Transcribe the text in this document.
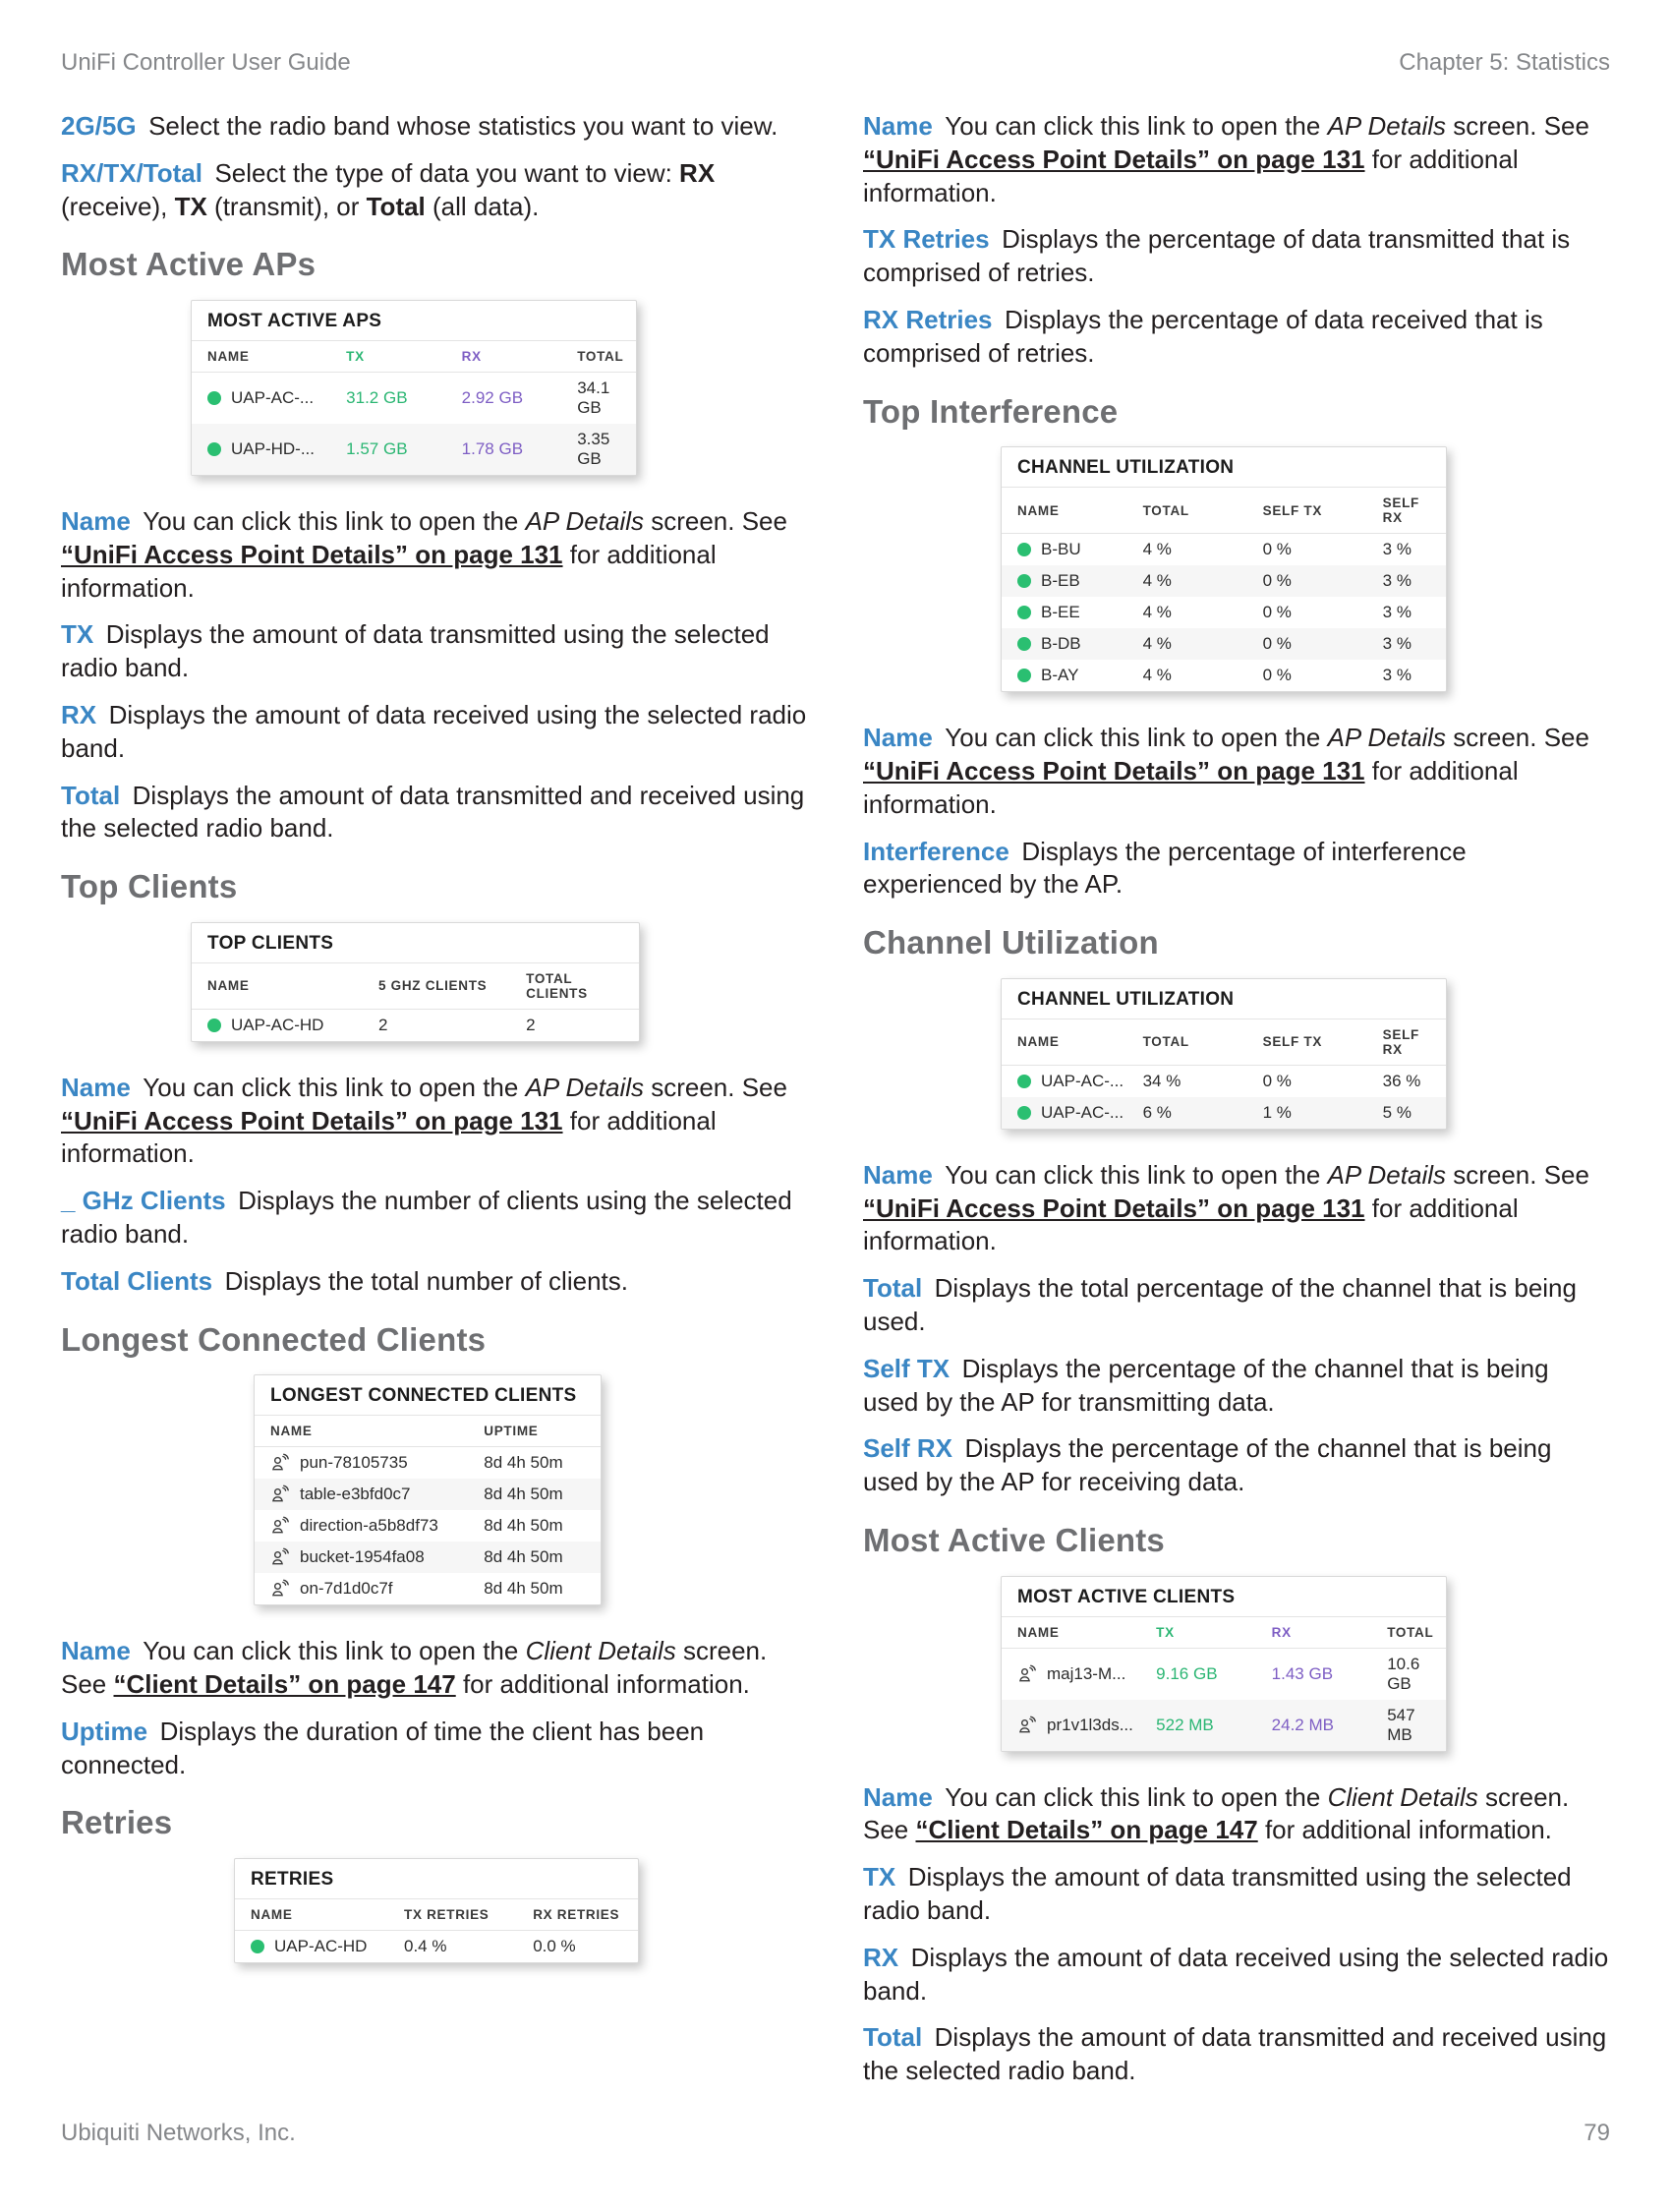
UniFi Controller User Guide	Chapter 5: Statistics

2G/5G Select the radio band whose statistics you want to view.

RX/TX/Total Select the type of data you want to view: RX (receive), TX (transmit), or Total (all data).

Most Active APs
MOST ACTIVE APS
NAME	TX	RX	TOTAL

UAP-AC-...	31.2 GB	2.92 GB	34.1 GB

UAP-HD-...	1.57 GB	1.78 GB	3.35 GB

Name You can click this link to open the AP Details screen. See “UniFi Access Point Details” on page 131 for additional information.

TX Displays the amount of data transmitted using the selected radio band.

RX Displays the amount of data received using the selected radio band.

Total Displays the amount of data transmitted and received using the selected radio band.

Top Clients
TOP CLIENTS
NAME	5 GHZ CLIENTS	TOTAL CLIENTS

UAP-AC-HD	2	2

Name You can click this link to open the AP Details screen. See “UniFi Access Point Details” on page 131 for additional information.

_ GHz Clients Displays the number of clients using the selected radio band.

Total Clients Displays the total number of clients.

Longest Connected Clients
LONGEST CONNECTED CLIENTS
NAME	UPTIME

pun-78105735	8d 4h 50m

table-e3bfd0c7	8d 4h 50m

direction-a5b8df73	8d 4h 50m

bucket-1954fa08	8d 4h 50m

on-7d1d0c7f	8d 4h 50m

Name You can click this link to open the Client Details screen. See “Client Details” on page 147 for additional information.

Uptime Displays the duration of time the client has been connected.

Retries
RETRIES
NAME	TX RETRIES	RX RETRIES

UAP-AC-HD	0.4 %	0.0 %

Name You can click this link to open the AP Details screen. See “UniFi Access Point Details” on page 131 for additional information.

TX Retries Displays the percentage of data transmitted that is comprised of retries.

RX Retries Displays the percentage of data received that is comprised of retries.

Top Interference
CHANNEL UTILIZATION
NAME	TOTAL	SELF TX	SELF RX

B-BU	4 %	0 %	3 %

B-EB	4 %	0 %	3 %

B-EE	4 %	0 %	3 %

B-DB	4 %	0 %	3 %

B-AY	4 %	0 %	3 %

Name You can click this link to open the AP Details screen. See “UniFi Access Point Details” on page 131 for additional information.

Interference Displays the percentage of interference experienced by the AP.

Channel Utilization
CHANNEL UTILIZATION
NAME	TOTAL	SELF TX	SELF RX

UAP-AC-...	34 %	0 %	36 %

UAP-AC-...	6 %	1 %	5 %

Name You can click this link to open the AP Details screen. See “UniFi Access Point Details” on page 131 for additional information.

Total Displays the total percentage of the channel that is being used.

Self TX Displays the percentage of the channel that is being used by the AP for transmitting data.

Self RX Displays the percentage of the channel that is being used by the AP for receiving data.

Most Active Clients
MOST ACTIVE CLIENTS
NAME	TX	RX	TOTAL

maj13-M...	9.16 GB	1.43 GB	10.6 GB

pr1v1l3ds...	522 MB	24.2 MB	547 MB

Name You can click this link to open the Client Details screen. See “Client Details” on page 147 for additional information.

TX Displays the amount of data transmitted using the selected radio band.

RX Displays the amount of data received using the selected radio band.

Total Displays the amount of data transmitted and received using the selected radio band.

Ubiquiti Networks, Inc.	79
